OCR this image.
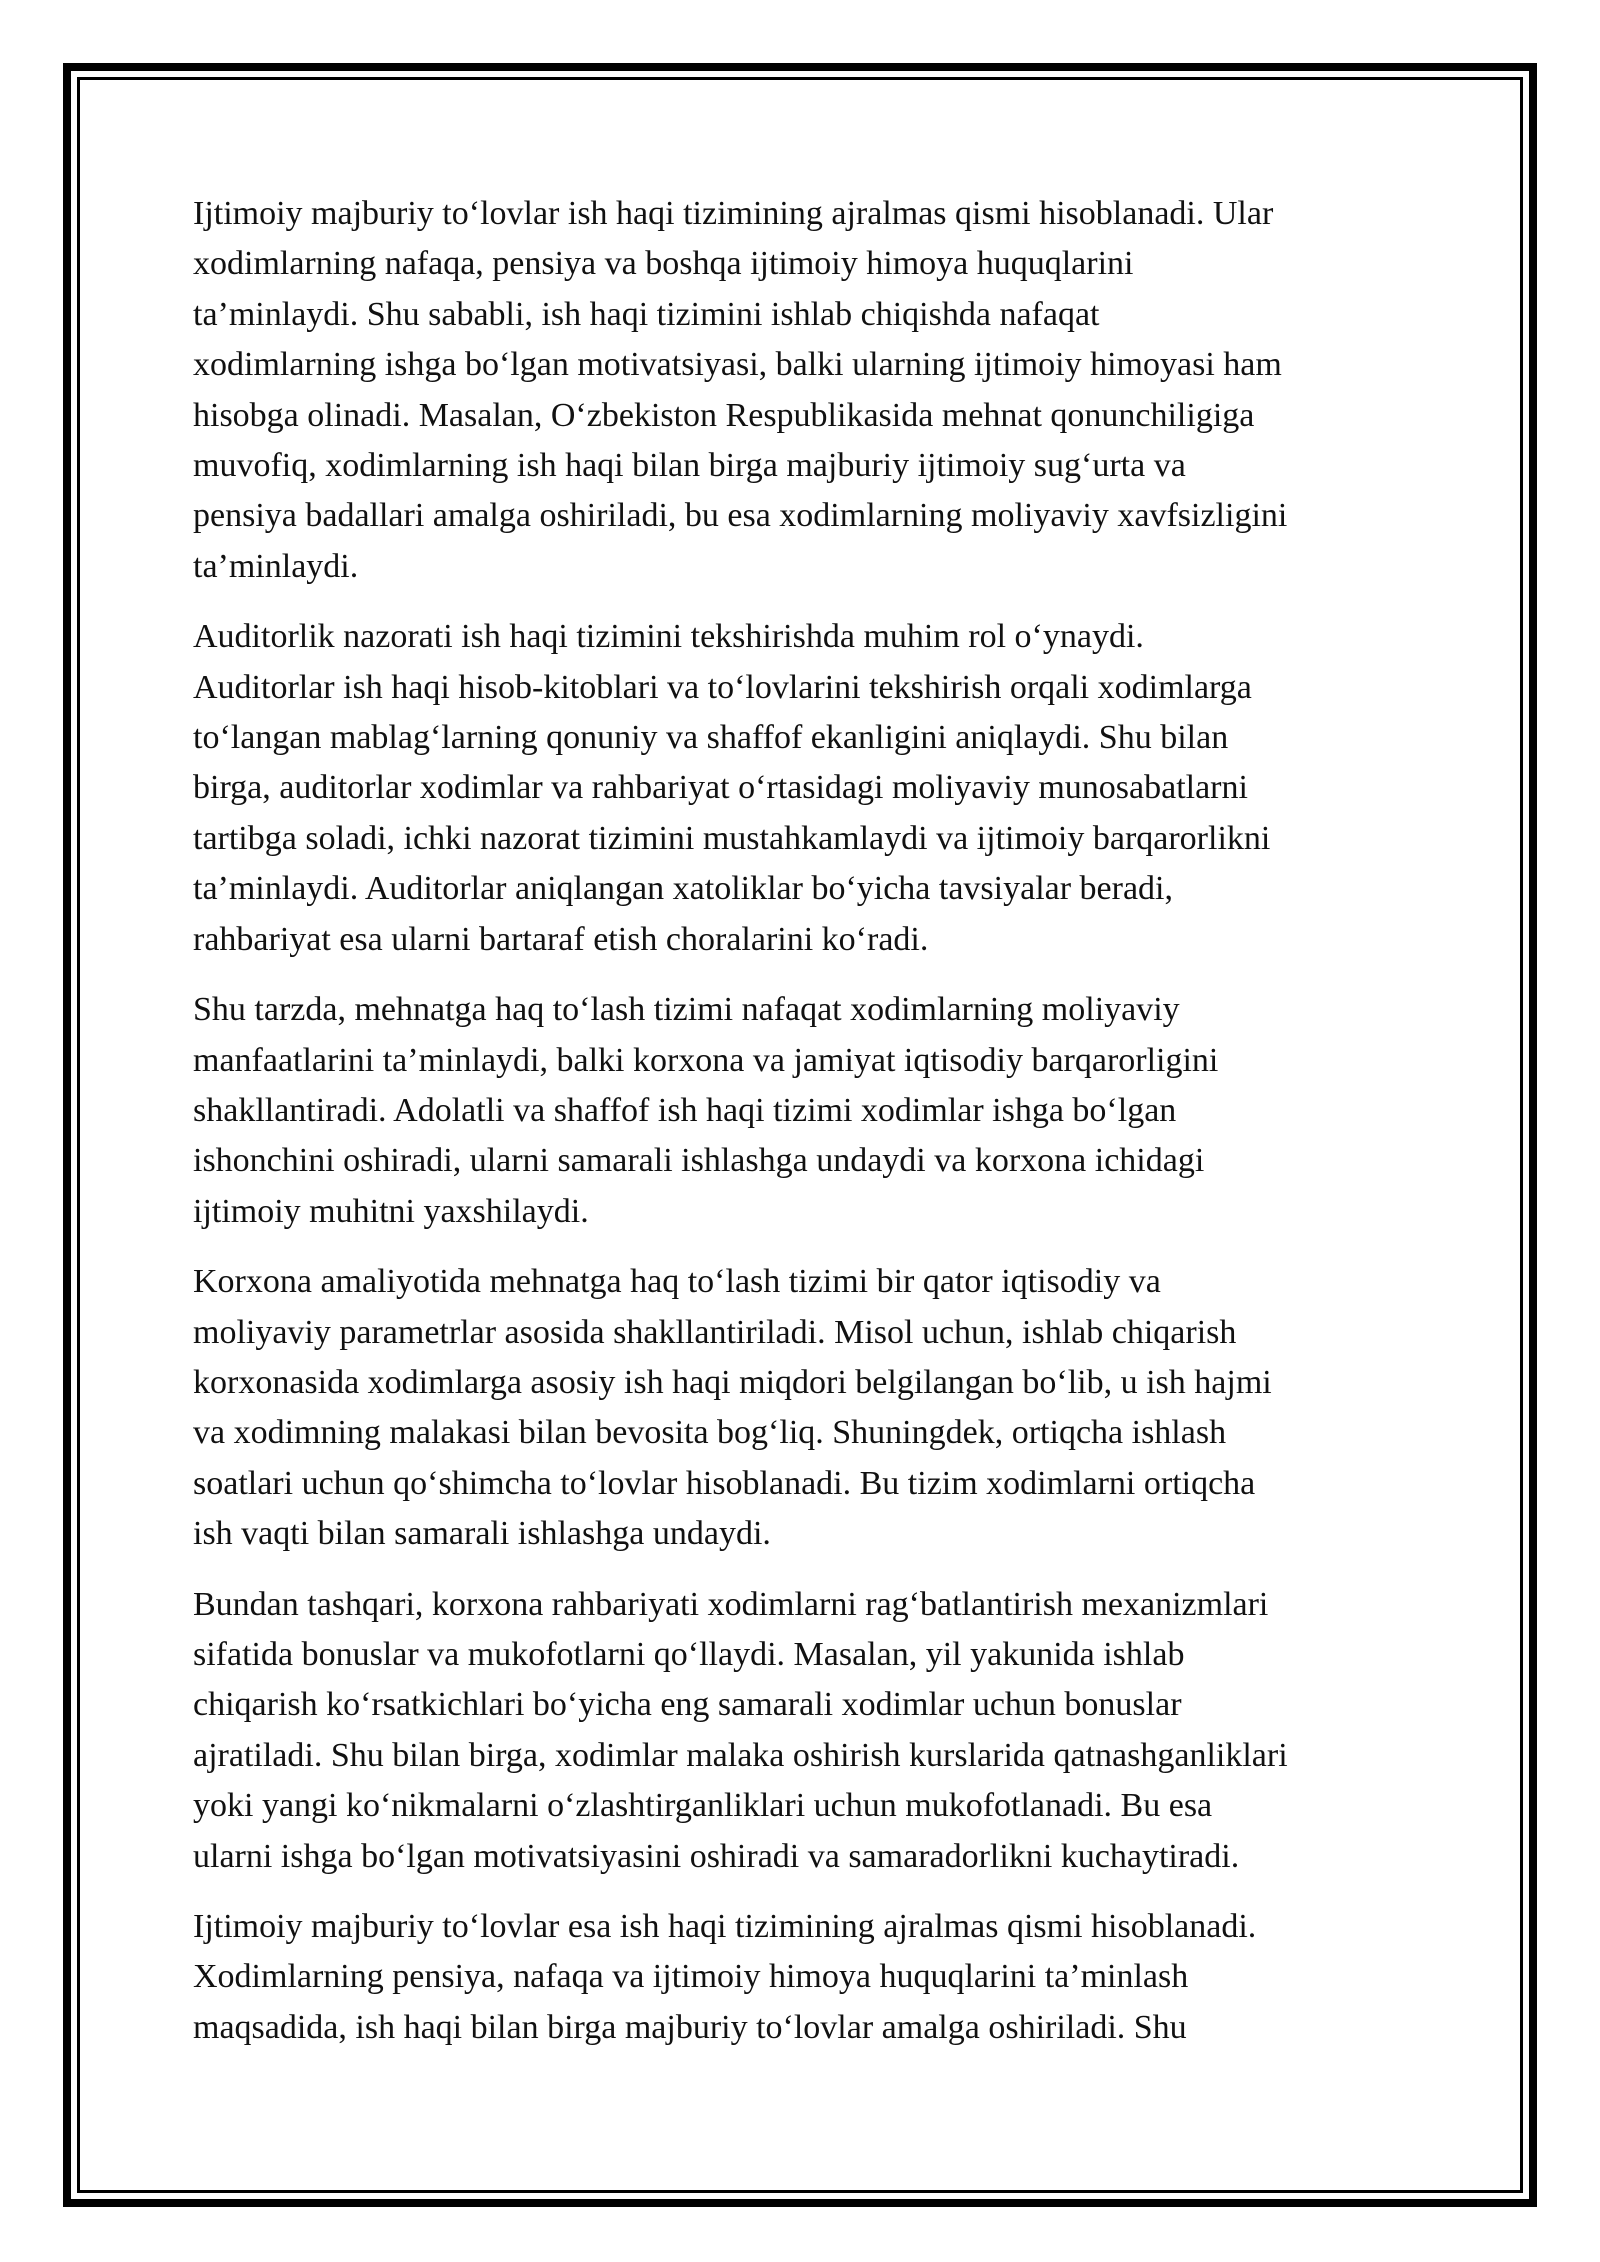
Ijtimoiy majburiy to‘lovlar ish haqi tizimining ajralmas qismi hisoblanadi. Ular
xodimlarning nafaqa, pensiya va boshqa ijtimoiy himoya huquqlarini
ta’minlaydi. Shu sababli, ish haqi tizimini ishlab chiqishda nafaqat
xodimlarning ishga bo‘lgan motivatsiyasi, balki ularning ijtimoiy himoyasi ham
hisobga olinadi. Masalan, O‘zbekiston Respublikasida mehnat qonunchiligiga
muvofiq, xodimlarning ish haqi bilan birga majburiy ijtimoiy sug‘urta va
pensiya badallari amalga oshiriladi, bu esa xodimlarning moliyaviy xavfsizligini
ta’minlaydi.

Auditorlik nazorati ish haqi tizimini tekshirishda muhim rol o‘ynaydi.
Auditorlar ish haqi hisob-kitoblari va to‘lovlarini tekshirish orqali xodimlarga
to‘langan mablag‘larning qonuniy va shaffof ekanligini aniqlaydi. Shu bilan
birga, auditorlar xodimlar va rahbariyat o‘rtasidagi moliyaviy munosabatlarni
tartibga soladi, ichki nazorat tizimini mustahkamlaydi va ijtimoiy barqarorlikni
ta’minlaydi. Auditorlar aniqlangan xatoliklar bo‘yicha tavsiyalar beradi,
rahbariyat esa ularni bartaraf etish choralarini ko‘radi.

Shu tarzda, mehnatga haq to‘lash tizimi nafaqat xodimlarning moliyaviy
manfaatlarini ta’minlaydi, balki korxona va jamiyat iqtisodiy barqarorligini
shakllantiradi. Adolatli va shaffof ish haqi tizimi xodimlar ishga bo‘lgan
ishonchini oshiradi, ularni samarali ishlashga undaydi va korxona ichidagi
ijtimoiy muhitni yaxshilaydi.

Korxona amaliyotida mehnatga haq to‘lash tizimi bir qator iqtisodiy va
moliyaviy parametrlar asosida shakllantiriladi. Misol uchun, ishlab chiqarish
korxonasida xodimlarga asosiy ish haqi miqdori belgilangan bo‘lib, u ish hajmi
va xodimning malakasi bilan bevosita bog‘liq. Shuningdek, ortiqcha ishlash
soatlari uchun qo‘shimcha to‘lovlar hisoblanadi. Bu tizim xodimlarni ortiqcha
ish vaqti bilan samarali ishlashga undaydi.

Bundan tashqari, korxona rahbariyati xodimlarni rag‘batlantirish mexanizmlari
sifatida bonuslar va mukofotlarni qo‘llaydi. Masalan, yil yakunida ishlab
chiqarish ko‘rsatkichlari bo‘yicha eng samarali xodimlar uchun bonuslar
ajratiladi. Shu bilan birga, xodimlar malaka oshirish kurslarida qatnashganliklari
yoki yangi ko‘nikmalarni o‘zlashtirganliklari uchun mukofotlanadi. Bu esa
ularni ishga bo‘lgan motivatsiyasini oshiradi va samaradorlikni kuchaytiradi.

Ijtimoiy majburiy to‘lovlar esa ish haqi tizimining ajralmas qismi hisoblanadi.
Xodimlarning pensiya, nafaqa va ijtimoiy himoya huquqlarini ta’minlash
maqsadida, ish haqi bilan birga majburiy to‘lovlar amalga oshiriladi. Shu
